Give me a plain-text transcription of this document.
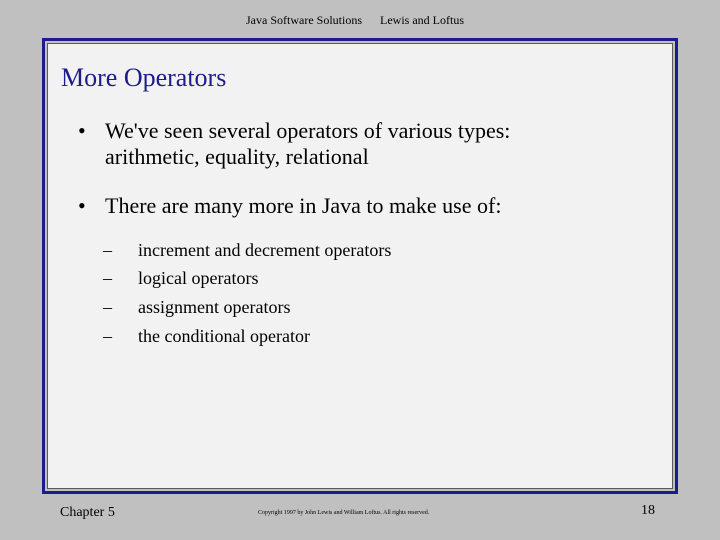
Java Software Solutions Lewis and Loftus
More Operators
• We've seen several operators of various types:
arithmetic, equality, relational
• There are many more in Java to make use of:
– increment and decrement operators
– logical operators
– assignment operators
– the conditional operator
Chapter 5	Copyright 1997 by John Lewis and William Loftus. All rights reserved.	18
